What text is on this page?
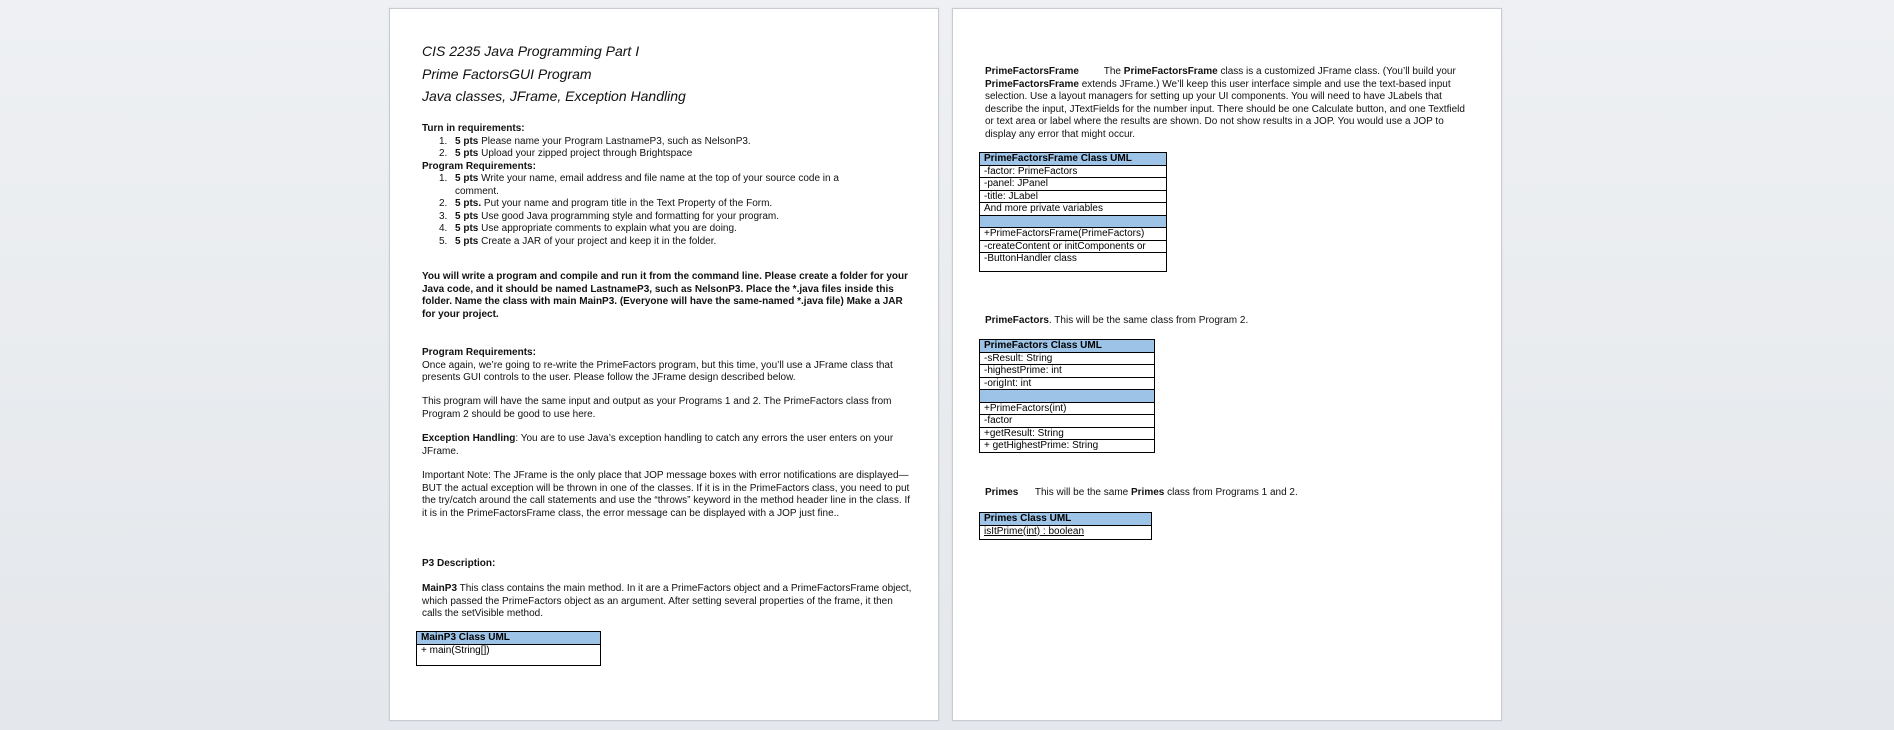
CIS 2235 Java Programming Part I
Prime FactorsGUI Program
Java classes, JFrame, Exception Handling
Turn in requirements:
1. 5 pts Please name your Program LastnameP3, such as NelsonP3.
2. 5 pts Upload your zipped project through Brightspace
Program Requirements:
1. 5 pts Write your name, email address and file name at the top of your source code in a comment.
2. 5 pts. Put your name and program title in the Text Property of the Form.
3. 5 pts Use good Java programming style and formatting for your program.
4. 5 pts Use appropriate comments to explain what you are doing.
5. 5 pts Create a JAR of your project and keep it in the folder.
You will write a program and compile and run it from the command line. Please create a folder for your Java code, and it should be named LastnameP3, such as NelsonP3. Place the *.java files inside this folder. Name the class with main MainP3. (Everyone will have the same-named *.java file) Make a JAR for your project.
Program Requirements:
Once again, we’re going to re-write the PrimeFactors program, but this time, you’ll use a JFrame class that presents GUI controls to the user. Please follow the JFrame design described below.
This program will have the same input and output as your Programs 1 and 2. The PrimeFactors class from Program 2 should be good to use here.
Exception Handling: You are to use Java’s exception handling to catch any errors the user enters on your JFrame.
Important Note: The JFrame is the only place that JOP message boxes with error notifications are displayed—BUT the actual exception will be thrown in one of the classes. If it is in the PrimeFactors class, you need to put the try/catch around the call statements and use the “throws” keyword in the method header line in the class. If it is in the PrimeFactorsFrame class, the error message can be displayed with a JOP just fine..
P3 Description:
MainP3 This class contains the main method. In it are a PrimeFactors object and a PrimeFactorsFrame object, which passed the PrimeFactors object as an argument. After setting several properties of the frame, it then calls the setVisible method.
MainP3 Class UML
+ main(String[])
PrimeFactorsFrame         The PrimeFactorsFrame class is a customized JFrame class. (You’ll build your PrimeFactorsFrame extends JFrame.) We’ll keep this user interface simple and use the text-based input selection. Use a layout managers for setting up your UI components. You will need to have JLabels that describe the input, JTextFields for the number input. There should be one Calculate button, and one Textfield or text area or label where the results are shown. Do not show results in a JOP. You would use a JOP to display any error that might occur.
PrimeFactorsFrame Class UML
-factor: PrimeFactors
-panel: JPanel
-title: JLabel
And more private variables

+PrimeFactorsFrame(PrimeFactors)
-createContent or initComponents or
-ButtonHandler class
PrimeFactors. This will be the same class from Program 2.
PrimeFactors Class UML
-sResult: String
-highestPrime: int
-origInt: int

+PrimeFactors(int)
-factor
+getResult: String
+ getHighestPrime: String
Primes      This will be the same Primes class from Programs 1 and 2.
Primes Class UML
isItPrime(int) : boolean
